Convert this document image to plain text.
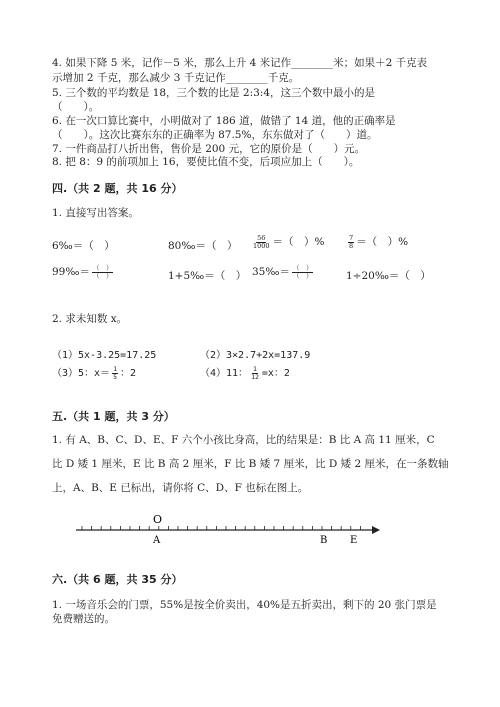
4. 如果下降 5 米，记作－5 米，那么上升 4 米记作________米；如果＋2 千克表
示增加 2 千克，那么减少 3 千克记作________千克。
5. 三个数的平均数是 18，三个数的比是 2:3:4，这三个数中最小的是
（　　）。
6. 在一次口算比赛中，小明做对了 186 道，做错了 14 道，他的正确率是
（　　）。这次比赛东东的正确率为 87.5%，东东做对了（　　）道。
7. 一件商品打八折出售，售价是 200 元，它的原价是（　　）元。
8. 把 8：9 的前项加上 16，要使比值不变，后项应加上（　　）。
四.（共 2 题，共 16 分）
1. 直接写出答案。
6‰＝（　）	80‰＝（　） $\frac{56}{1000}$ ＝（　）%	$\frac{7}{8}$ ＝（　）%
99‰＝ $\frac{( )}{( )}$	1+5‰＝（　） 35‰＝ $\frac{( )}{( )}$	1÷20‰＝（　）
2. 求未知数 x。
（1）5x-3.25=17.25	（2）3×2.7+2x=137.9
（3）5：$x= \frac{1}{5}$ ：2	（4）11： $\frac{1}{12} =x$：2
五.（共 1 题，共 3 分）
1. 有 A、B、C、D、E、F 六个小孩比身高，比的结果是：B 比 A 高 11 厘米，C
比 D 矮 1 厘米，E 比 B 高 2 厘米，F 比 B 矮 7 厘米，比 D 矮 2 厘米，在一条数轴
上，A、B、E 已标出，请你将 C、D、F 也标在图上。
O
A	B E
六.（共 6 题，共 35 分）
1. 一场音乐会的门票，55%是按全价卖出，40%是五折卖出，剩下的 20 张门票是
免费赠送的。
